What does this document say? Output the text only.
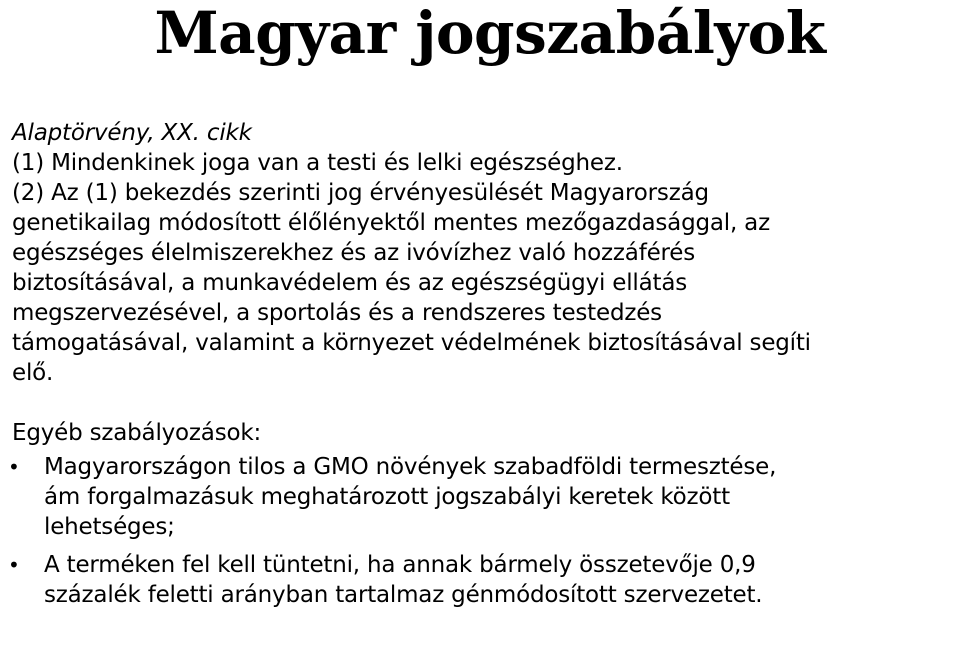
Magyar jogszabályok
Alaptörvény, XX. cikk
(1) Mindenkinek joga van a testi és lelki egészséghez.
(2) Az (1) bekezdés szerinti jog érvényesülését Magyarország
genetikailag módosított élőlényektől mentes mezőgazdasággal, az
egészséges élelmiszerekhez és az ivóvízhez való hozzáférés
biztosításával, a munkavédelem és az egészségügyi ellátás
megszervezésével, a sportolás és a rendszeres testedzés
támogatásával, valamint a környezet védelmének biztosításával segíti
elő.
Egyéb szabályozások:
• Magyarországon tilos a GMO növények szabadföldi termesztése,
ám forgalmazásuk meghatározott jogszabályi keretek között
lehetséges;
• A terméken fel kell tüntetni, ha annak bármely összetevője 0,9
százalék feletti arányban tartalmaz génmódosított szervezetet.
